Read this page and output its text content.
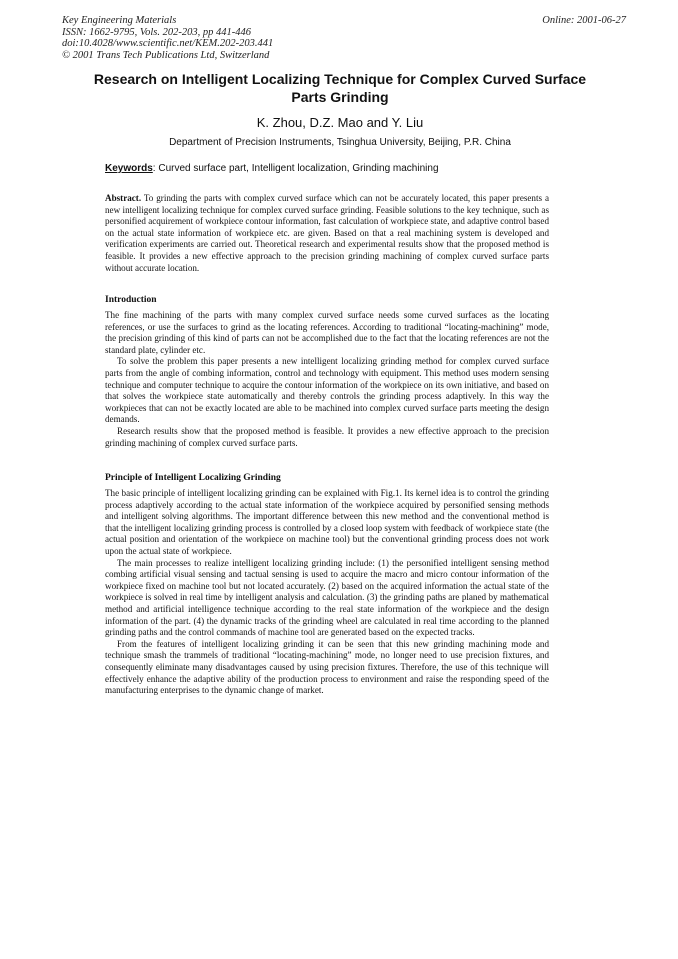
Key Engineering Materials
ISSN: 1662-9795, Vols. 202-203, pp 441-446
doi:10.4028/www.scientific.net/KEM.202-203.441
© 2001 Trans Tech Publications Ltd, Switzerland
Online: 2001-06-27
Research on Intelligent Localizing Technique for Complex Curved Surface Parts Grinding
K. Zhou, D.Z. Mao and Y. Liu
Department of Precision Instruments, Tsinghua University, Beijing, P.R. China
Keywords: Curved surface part, Intelligent localization, Grinding machining

Abstract. To grinding the parts with complex curved surface which can not be accurately located, this paper presents a new intelligent localizing technique for complex curved surface grinding. Feasible solutions to the key technique, such as personified acquirement of workpiece contour information, fast calculation of workpiece state, and adaptive control based on the actual state information of workpiece etc. are given. Based on that a real machining system is developed and verification experiments are carried out. Theoretical research and experimental results show that the proposed method is feasible. It provides a new effective approach to the precision grinding machining of complex curved surface parts without accurate location.

Introduction

The fine machining of the parts with many complex curved surface needs some curved surfaces as the locating references, or use the surfaces to grind as the locating references. According to traditional “locating-machining” mode, the precision grinding of this kind of parts can not be accomplished due to the fact that the locating references are not the standard plate, cylinder etc.

To solve the problem this paper presents a new intelligent localizing grinding method for complex curved surface parts from the angle of combing information, control and technology with equipment. This method uses modern sensing technique and computer technique to acquire the contour information of the workpiece on its own initiative, and based on that solves the workpiece state automatically and thereby controls the grinding process adaptively. In this way the workpieces that can not be exactly located are able to be machined into complex curved surface parts meeting the design demands.

Research results show that the proposed method is feasible. It provides a new effective approach to the precision grinding machining of complex curved surface parts.

Principle of Intelligent Localizing Grinding

The basic principle of intelligent localizing grinding can be explained with Fig.1. Its kernel idea is to control the grinding process adaptively according to the actual state information of the workpiece acquired by personified sensing methods and intelligent solving algorithms. The important difference between this new method and the conventional method is that the intelligent localizing grinding process is controlled by a closed loop system with feedback of workpiece state (the actual position and orientation of the workpiece on machine tool) but the conventional grinding process does not work upon the actual state of workpiece.

The main processes to realize intelligent localizing grinding include: (1) the personified intelligent sensing method combing artificial visual sensing and tactual sensing is used to acquire the macro and micro contour information of the workpiece fixed on machine tool but not located accurately. (2) based on the acquired information the actual state of the workpiece is solved in real time by intelligent analysis and calculation. (3) the grinding paths are planed by mathematical method and artificial intelligence technique according to the real state information of the workpiece and the design information of the part. (4) the dynamic tracks of the grinding wheel are calculated in real time according to the planned grinding paths and the control commands of machine tool are generated based on the expected tracks.

From the features of intelligent localizing grinding it can be seen that this new grinding machining mode and technique smash the trammels of traditional “locating-machining” mode, no longer need to use precision fixtures, and consequently eliminate many disadvantages caused by using precision fixtures. Therefore, the use of this technique will effectively enhance the adaptive ability of the production process to environment and raise the responding speed of the manufacturing enterprises to the dynamic change of market.
